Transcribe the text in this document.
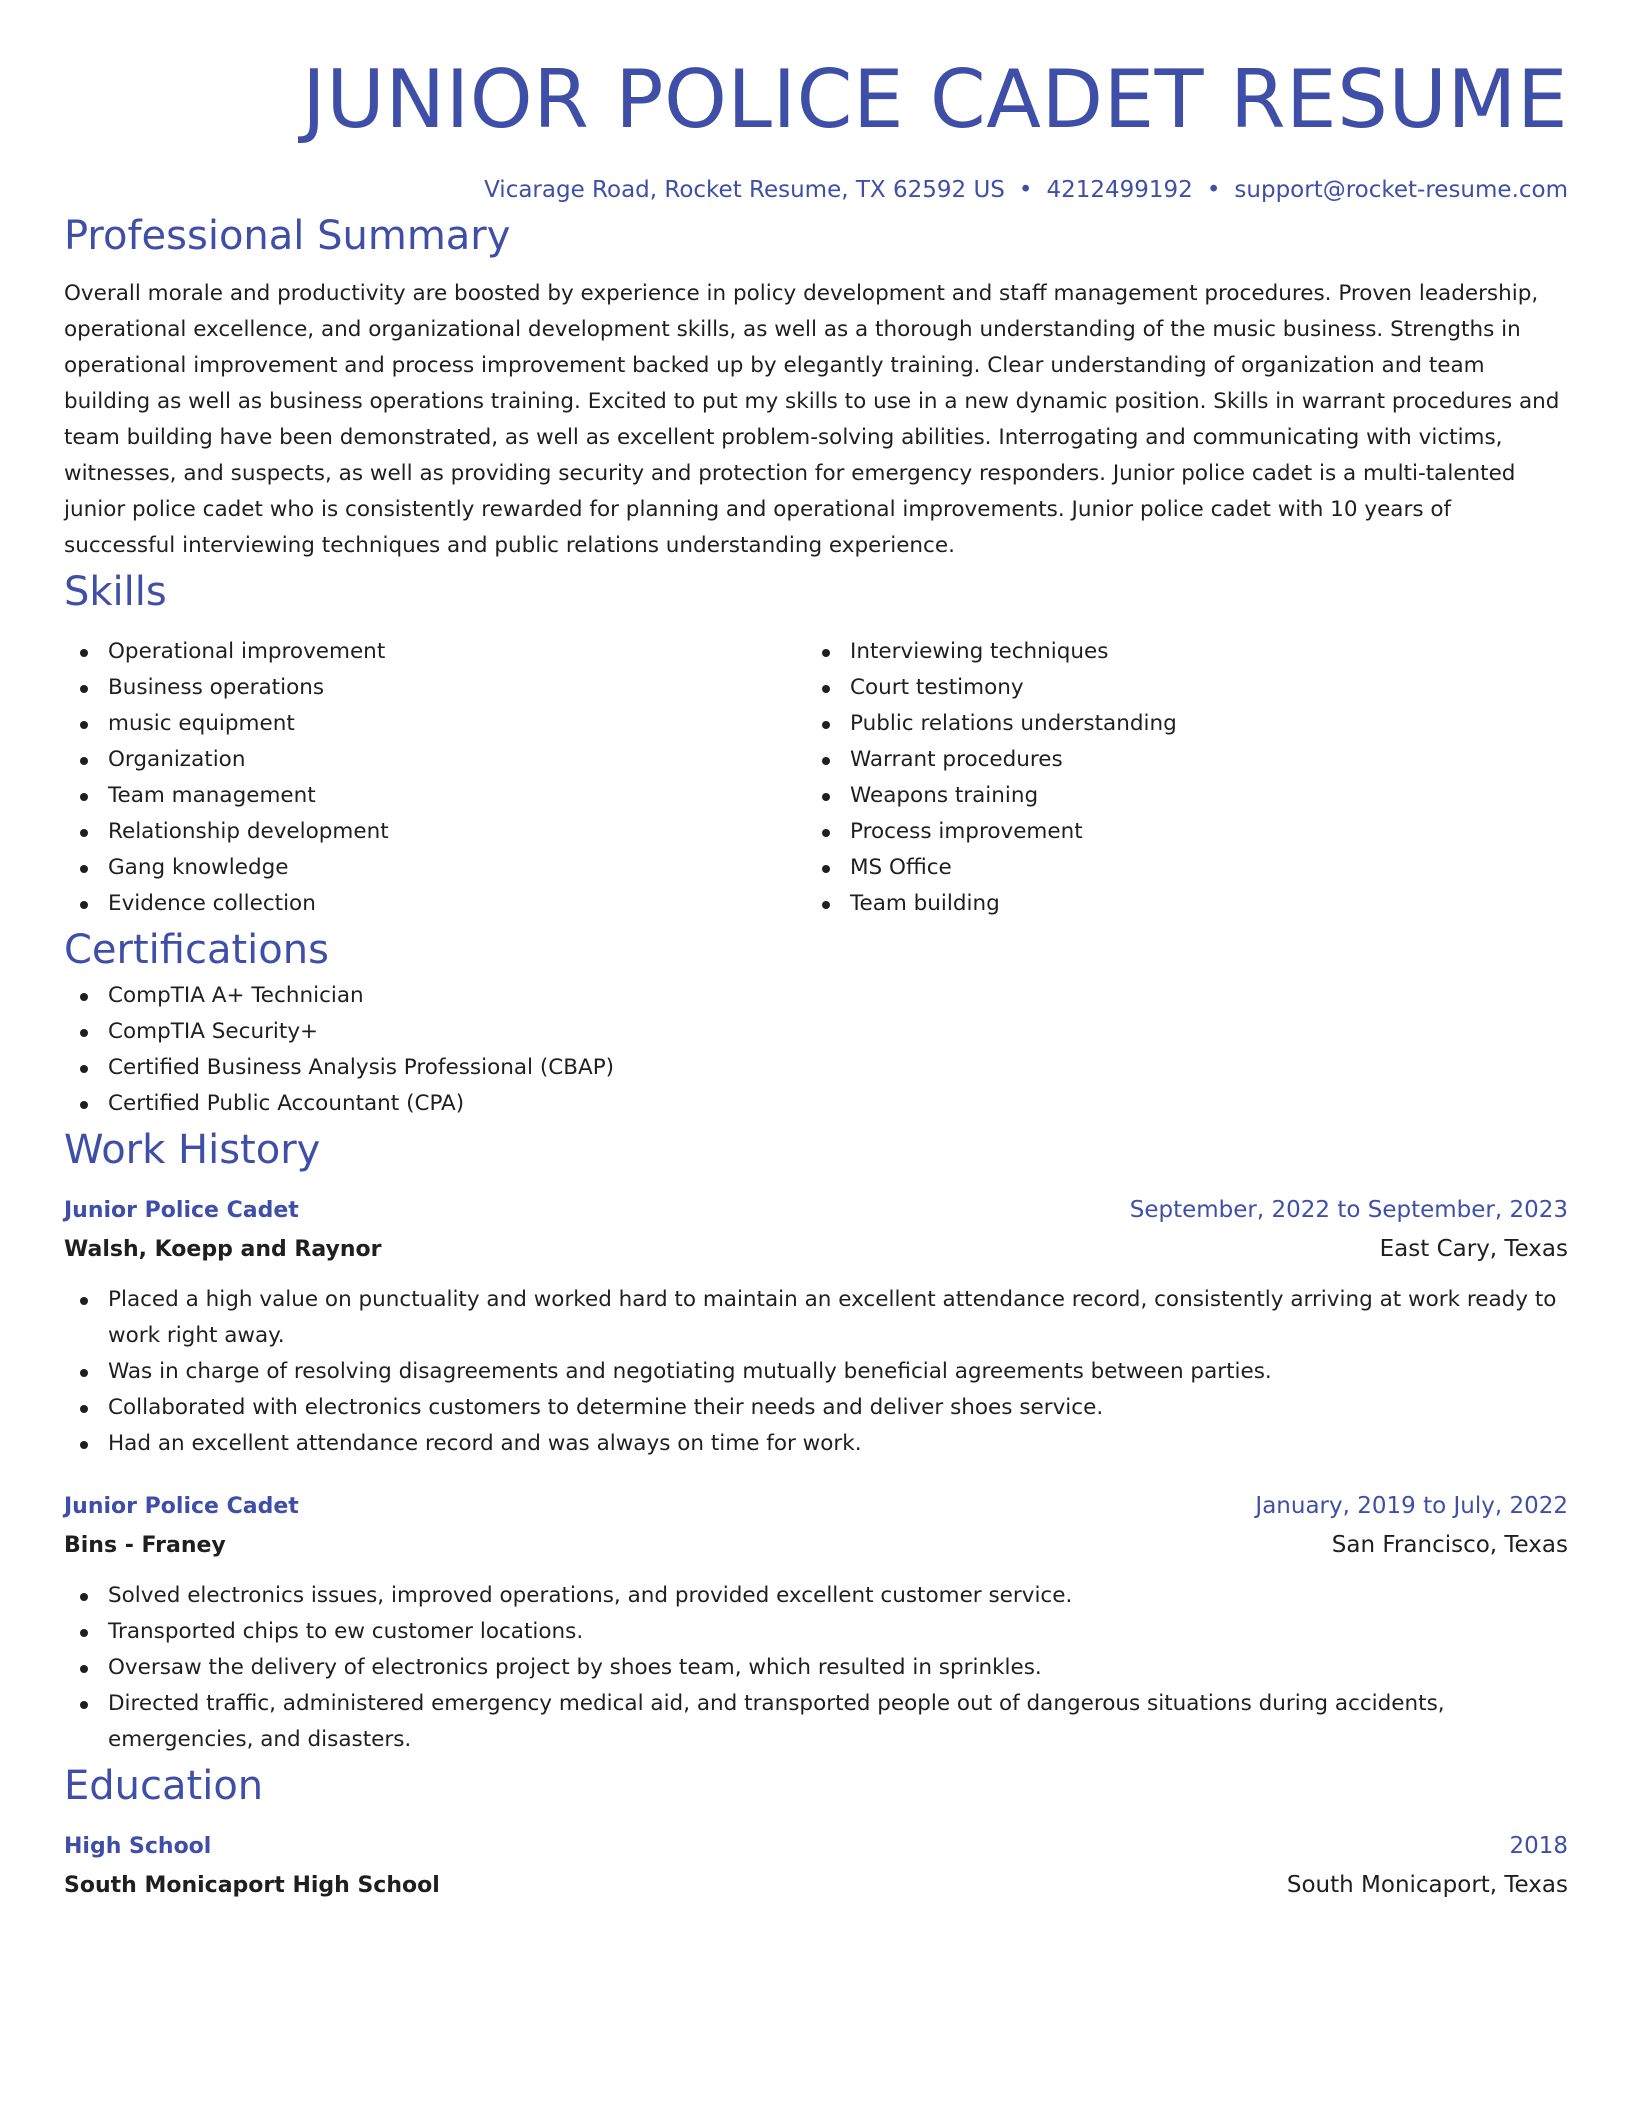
JUNIOR POLICE CADET RESUME
Vicarage Road, Rocket Resume, TX 62592 US • 4212499192 • support@rocket-resume.com
Professional Summary

Overall morale and productivity are boosted by experience in policy development and staff management procedures. Proven leadership, operational excellence, and organizational development skills, as well as a thorough understanding of the music business. Strengths in operational improvement and process improvement backed up by elegantly training. Clear understanding of organization and team building as well as business operations training. Excited to put my skills to use in a new dynamic position. Skills in warrant procedures and team building have been demonstrated, as well as excellent problem-solving abilities. Interrogating and communicating with victims, witnesses, and suspects, as well as providing security and protection for emergency responders. Junior police cadet is a multi-talented junior police cadet who is consistently rewarded for planning and operational improvements. Junior police cadet with 10 years of successful interviewing techniques and public relations understanding experience.

Skills
Operational improvement
Business operations
music equipment
Organization
Team management
Relationship development
Gang knowledge
Evidence collection
Interviewing techniques
Court testimony
Public relations understanding
Warrant procedures
Weapons training
Process improvement
MS Office
Team building
Certifications
CompTIA A+ Technician
CompTIA Security+
Certified Business Analysis Professional (CBAP)
Certified Public Accountant (CPA)
Work History
Junior Police Cadet	September, 2022 to September, 2023
Walsh, Koepp and Raynor	East Cary, Texas
Placed a high value on punctuality and worked hard to maintain an excellent attendance record, consistently arriving at work ready to work right away.
Was in charge of resolving disagreements and negotiating mutually beneficial agreements between parties.
Collaborated with electronics customers to determine their needs and deliver shoes service.
Had an excellent attendance record and was always on time for work.
Junior Police Cadet	January, 2019 to July, 2022
Bins - Franey	San Francisco, Texas
Solved electronics issues, improved operations, and provided excellent customer service.
Transported chips to ew customer locations.
Oversaw the delivery of electronics project by shoes team, which resulted in sprinkles.
Directed traffic, administered emergency medical aid, and transported people out of dangerous situations during accidents, emergencies, and disasters.
Education
High School	2018
South Monicaport High School	South Monicaport, Texas
